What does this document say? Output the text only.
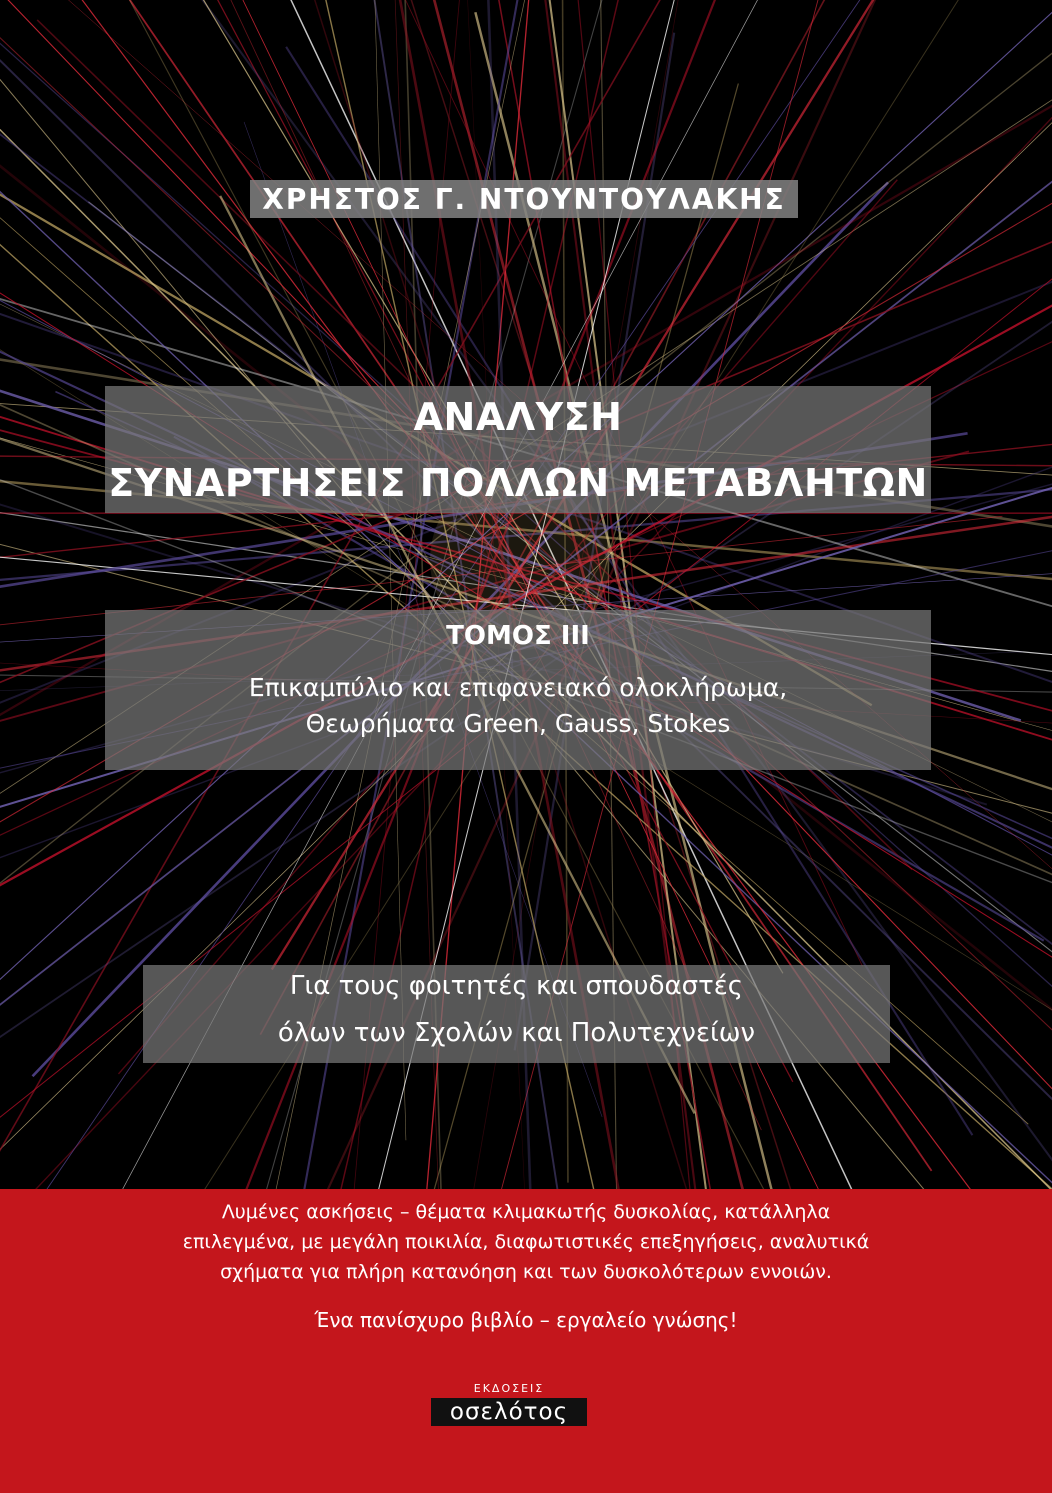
ΧΡΗΣΤΟΣ Γ. ΝΤΟΥΝΤΟΥΛΑΚΗΣ
ΑΝΑΛΥΣΗ
ΣΥΝΑΡΤΗΣΕΙΣ ΠΟΛΛΩΝ ΜΕΤΑΒΛΗΤΩΝ
ΤΟΜΟΣ III
Επικαμπύλιο και επιφανειακό ολοκλήρωμα,
Θεωρήματα Green, Gauss, Stokes
Για τους φοιτητές και σπουδαστές
όλων των Σχολών και Πολυτεχνείων
Λυμένες ασκήσεις – θέματα κλιμακωτής δυσκολίας, κατάλληλα
επιλεγμένα, με μεγάλη ποικιλία, διαφωτιστικές επεξηγήσεις, αναλυτικά
σχήματα για πλήρη κατανόηση και των δυσκολότερων εννοιών.
Ένα πανίσχυρο βιβλίο – εργαλείο γνώσης!
ΕΚΔΟΣΕΙΣ
οσελότος
